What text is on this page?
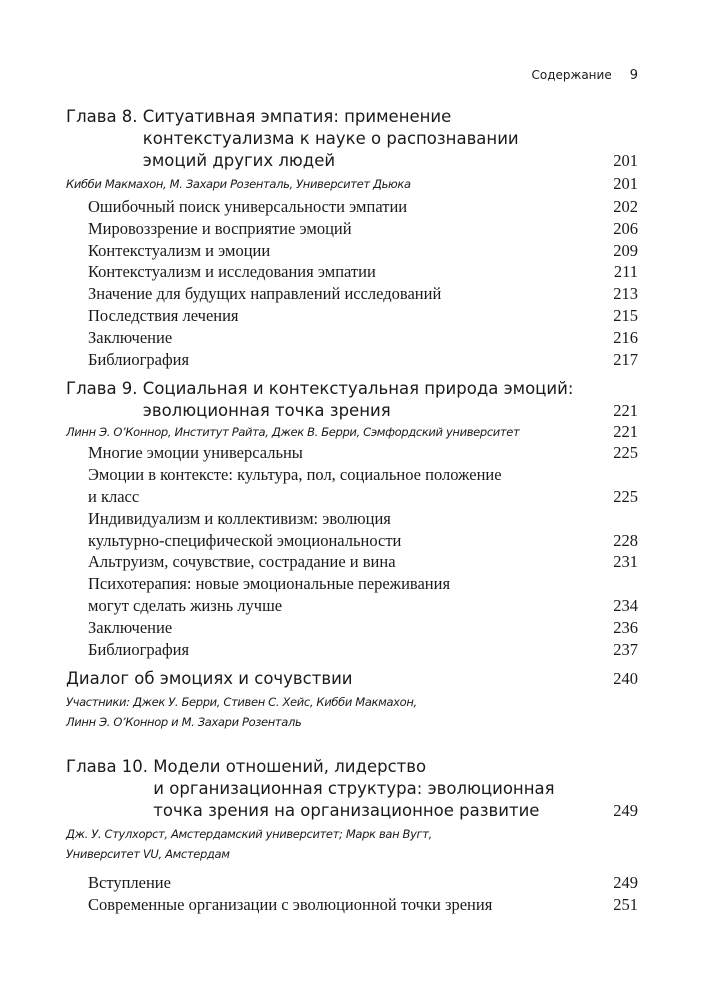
Содержание 9
Глава 8. Ситуативная эмпатия: применение
контекстуализма к науке о распознавании
эмоций других людей	201
Кибби Макмахон, М. Захари Розенталь, Университет Дьюка	201
Ошибочный поиск универсальности эмпатии	202
Мировоззрение и восприятие эмоций	206
Контекстуализм и эмоции	209
Контекстуализм и исследования эмпатии	211
Значение для будущих направлений исследований	213
Последствия лечения	215
Заключение	216
Библиография	217
Глава 9. Социальная и контекстуальная природа эмоций:
эволюционная точка зрения	221
Линн Э. О’Коннор, Институт Райта, Джек В. Берри, Сэмфордский университет	221
Многие эмоции универсальны	225
Эмоции в контексте: культура, пол, социальное положение
и класс	225
Индивидуализм и коллективизм: эволюция
культурно-специфической эмоциональности	228
Альтруизм, сочувствие, сострадание и вина	231
Психотерапия: новые эмоциональные переживания
могут сделать жизнь лучше	234
Заключение	236
Библиография	237
Диалог об эмоциях и сочувствии	240
Участники: Джек У. Берри, Стивен С. Хейс, Кибби Макмахон,
Линн Э. О’Коннор и М. Захари Розенталь
Глава 10. Модели отношений, лидерство
и организационная структура: эволюционная
точка зрения на организационное развитие	249
Дж. У. Стулхорст, Амстердамский университет; Марк ван Вугт,
Университет VU, Амстердам
Вступление	249
Современные организации с эволюционной точки зрения	251
